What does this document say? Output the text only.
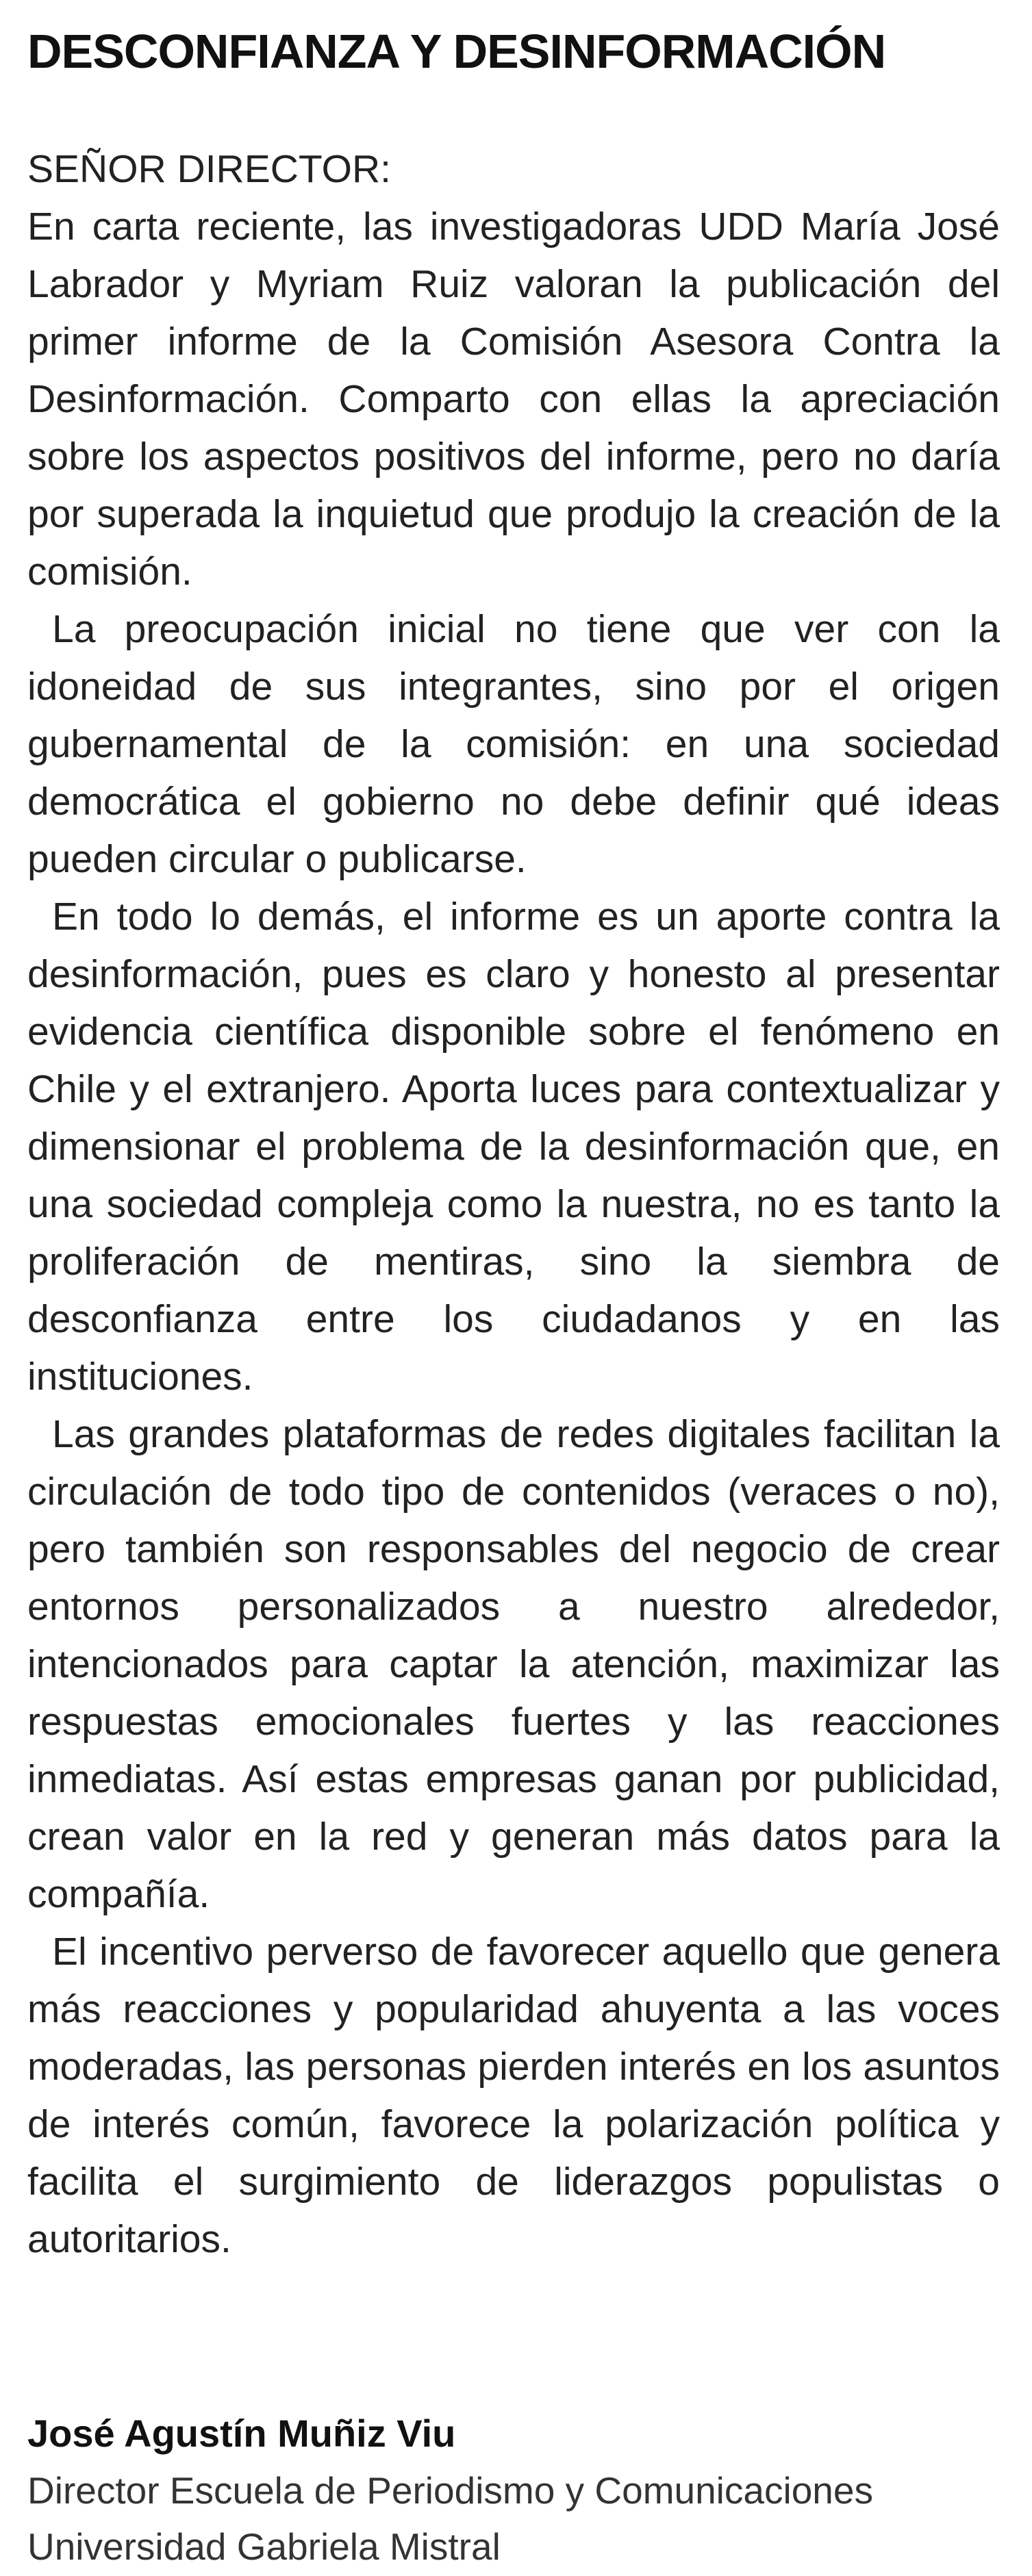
DESCONFIANZA Y DESINFORMACIÓN

SEÑOR DIRECTOR:

En carta reciente, las investigadoras UDD María José Labrador y Myriam Ruiz valoran la publicación del primer informe de la Comisión Asesora Contra la Desinformación. Comparto con ellas la apreciación sobre los aspectos positivos del informe, pero no daría por superada la inquietud que produjo la creación de la comisión.

La preocupación inicial no tiene que ver con la idoneidad de sus integrantes, sino por el origen gubernamental de la comisión: en una sociedad democrática el gobierno no debe definir qué ideas pueden circular o publicarse.

En todo lo demás, el informe es un aporte contra la desinformación, pues es claro y honesto al presentar evidencia científica disponible sobre el fenómeno en Chile y el extranjero. Aporta luces para contextualizar y dimensionar el problema de la desinformación que, en una sociedad compleja como la nuestra, no es tanto la proliferación de mentiras, sino la siembra de desconfianza entre los ciudadanos y en las instituciones.

Las grandes plataformas de redes digitales facilitan la circulación de todo tipo de contenidos (veraces o no), pero también son responsables del negocio de crear entornos personalizados a nuestro alrededor, intencionados para captar la atención, maximizar las respuestas emocionales fuertes y las reacciones inmediatas. Así estas empresas ganan por publicidad, crean valor en la red y generan más datos para la compañía.

El incentivo perverso de favorecer aquello que genera más reacciones y popularidad ahuyenta a las voces moderadas, las personas pierden interés en los asuntos de interés común, favorece la polarización política y facilita el surgimiento de liderazgos populistas o autoritarios.

José Agustín Muñiz Viu

Director Escuela de Periodismo y Comunicaciones

Universidad Gabriela Mistral
